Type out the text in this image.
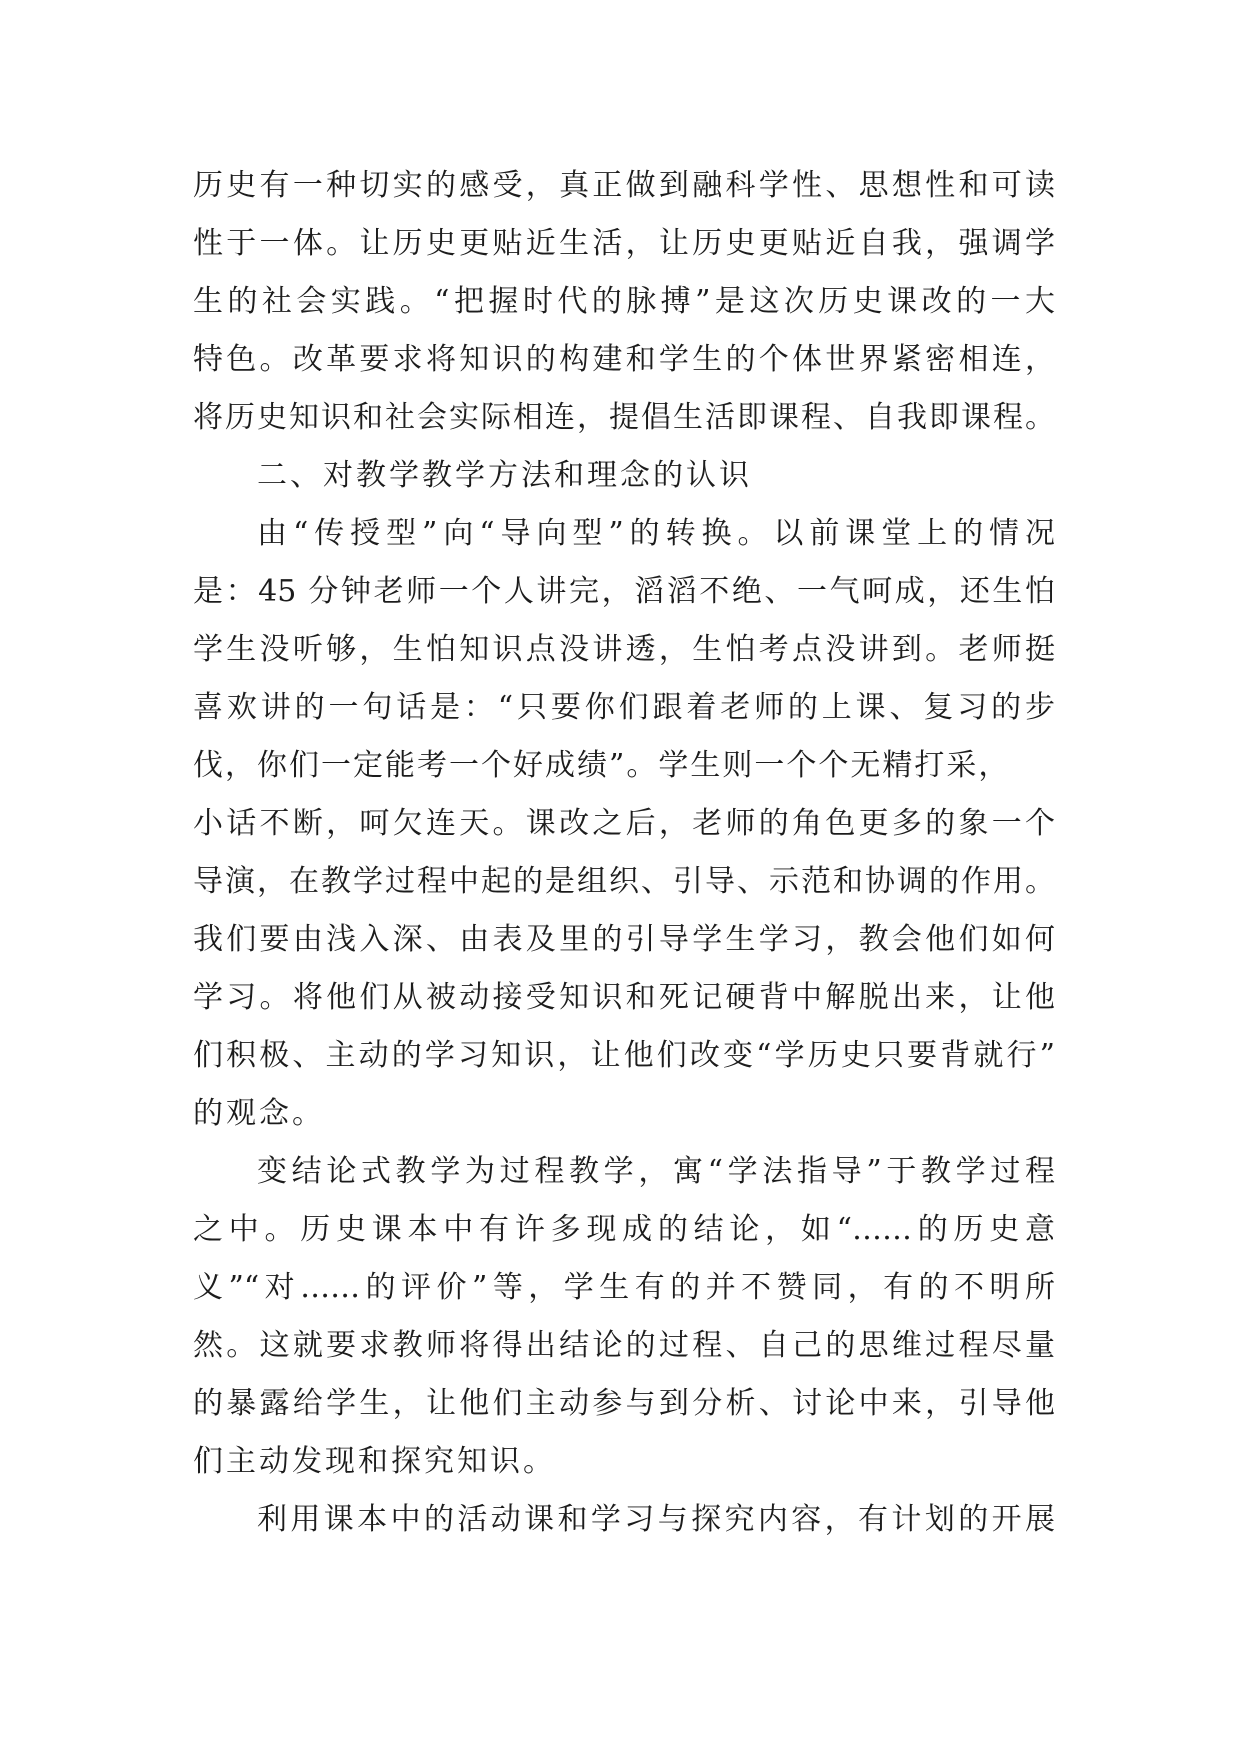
历史有一种切实的感受，真正做到融科学性、思想性和可读
性于一体。让历史更贴近生活，让历史更贴近自我，强调学
生的社会实践。“把握时代的脉搏”是这次历史课改的一大
特色。改革要求将知识的构建和学生的个体世界紧密相连，
将历史知识和社会实际相连，提倡生活即课程、自我即课程。
二、对教学教学方法和理念的认识
由“传授型”向“导向型”的转换。以前课堂上的情况
是：45 分钟老师一个人讲完，滔滔不绝、一气呵成，还生怕
学生没听够，生怕知识点没讲透，生怕考点没讲到。老师挺
喜欢讲的一句话是：“只要你们跟着老师的上课、复习的步
伐，你们一定能考一个好成绩”。学生则一个个无精打采，
小话不断，呵欠连天。课改之后，老师的角色更多的象一个
导演，在教学过程中起的是组织、引导、示范和协调的作用。
我们要由浅入深、由表及里的引导学生学习，教会他们如何
学习。将他们从被动接受知识和死记硬背中解脱出来，让他
们积极、主动的学习知识，让他们改变“学历史只要背就行”
的观念。
变结论式教学为过程教学，寓“学法指导”于教学过程
之中。历史课本中有许多现成的结论，如“……的历史意
义”“对……的评价”等，学生有的并不赞同，有的不明所
然。这就要求教师将得出结论的过程、自己的思维过程尽量
的暴露给学生，让他们主动参与到分析、讨论中来，引导他
们主动发现和探究知识。
利用课本中的活动课和学习与探究内容，有计划的开展
